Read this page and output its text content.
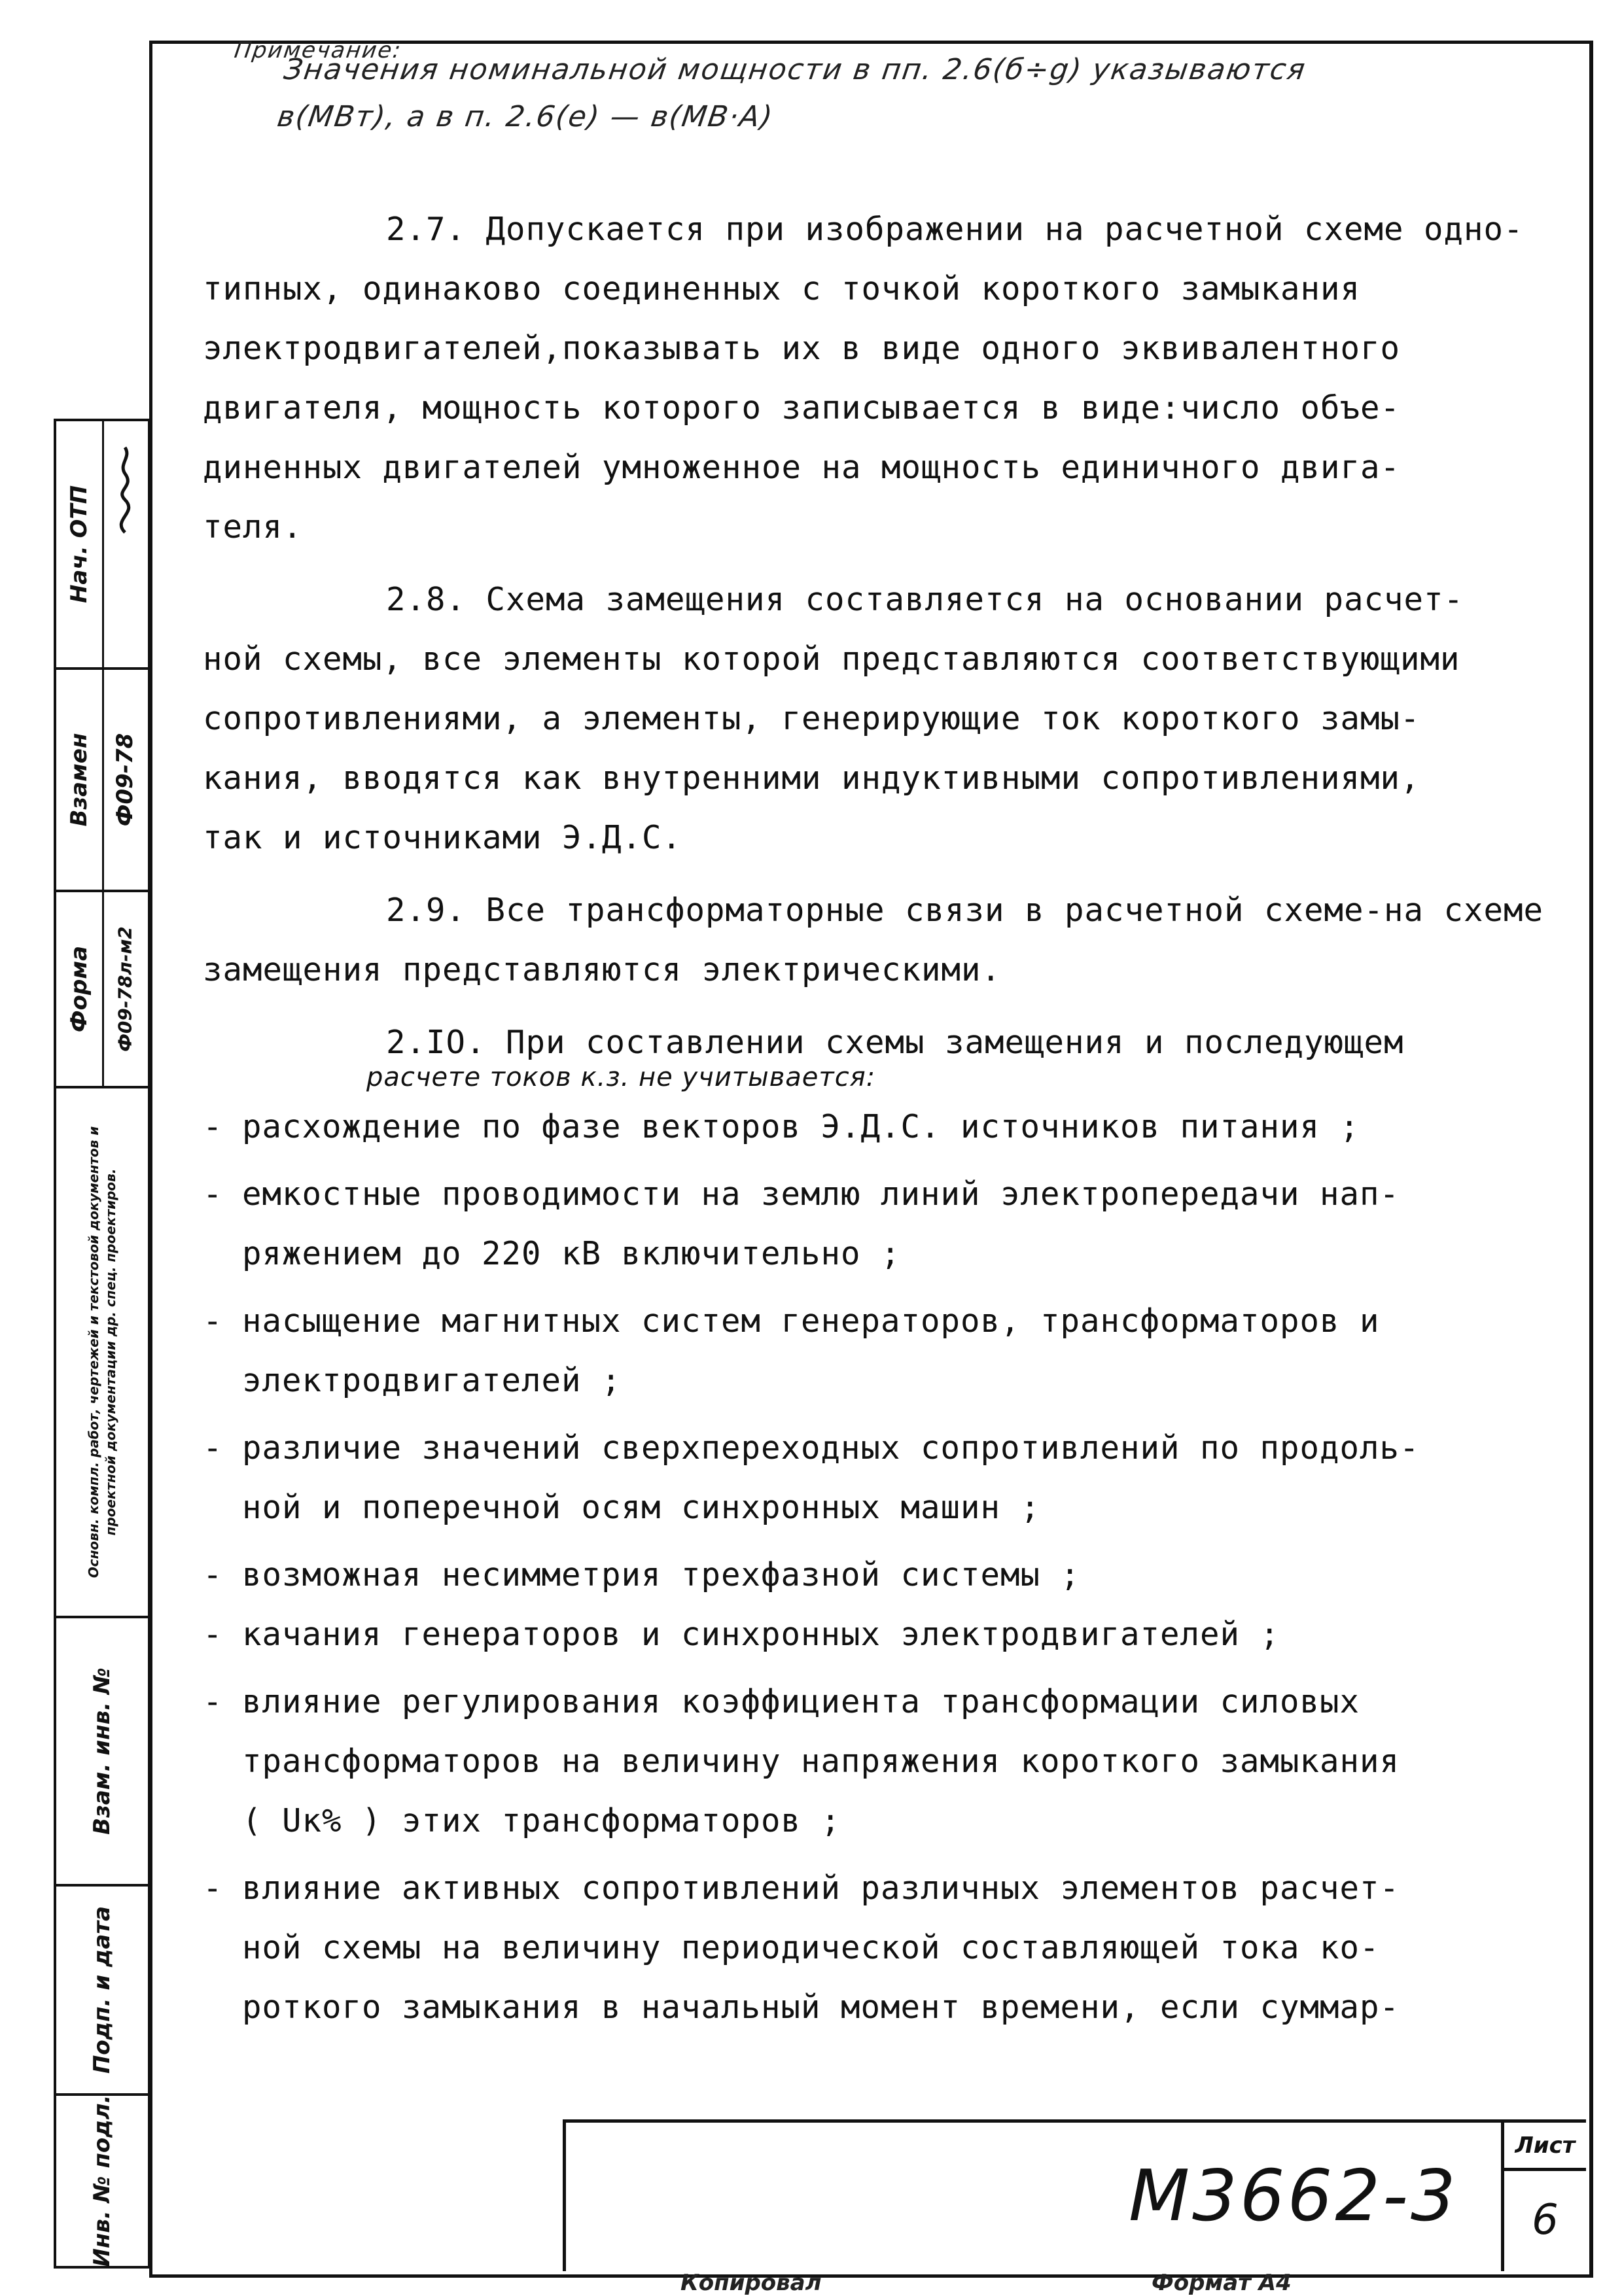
Примечание:
Значения номинальной мощности в пп. 2.6(б÷g) указываются
в(МВт), а в п. 2.6(е) — в(МВ·А)
2.7. Допускается при изображении на расчетной схеме одно-
типных, одинаково соединенных с точкой короткого замыкания
электродвигателей,показывать их в виде одного эквивалентного
двигателя, мощность которого записывается в виде:число объе-
диненных двигателей умноженное на мощность единичного двига-
теля.
2.8. Схема замещения составляется на основании расчет-
ной схемы, все элементы которой представляются соответствующими
сопротивлениями, а элементы, генерирующие ток короткого замы-
кания, вводятся как внутренними индуктивными сопротивлениями,
так и источниками Э.Д.С.
2.9. Все трансформаторные связи в расчетной схеме-на схеме
замещения представляются электрическими.
2.IO. При составлении схемы замещения и последующем
расчете токов к.з. не учитывается:
- расхождение по фазе векторов Э.Д.С. источников питания ;
- емкостные проводимости на землю линий электропередачи нап-
ряжением до 220 кВ включительно ;
- насыщение магнитных систем генераторов, трансформаторов и
электродвигателей ;
- различие значений сверхпереходных сопротивлений по продоль-
ной и поперечной осям синхронных машин ;
- возможная несимметрия трехфазной системы ;
- качания генераторов и синхронных электродвигателей ;
- влияние регулирования коэффициента трансформации силовых
трансформаторов на величину напряжения короткого замыкания
( Uк% ) этих трансформаторов ;
- влияние активных сопротивлений различных элементов расчет-
ной схемы на величину периодической составляющей тока ко-
роткого замыкания в начальный момент времени, если суммар-
Инв. № подл.
Подп. и дата
Взам. инв. №
Основн. компл. работ, чертежей и текстовой документов и проектной документации др. спец. проектиров.
Форма Ф09-78л-м2
Взамен Ф09-78
Нач. ОТП
М3662-3
Лист
6
Копировал	Формат А4
